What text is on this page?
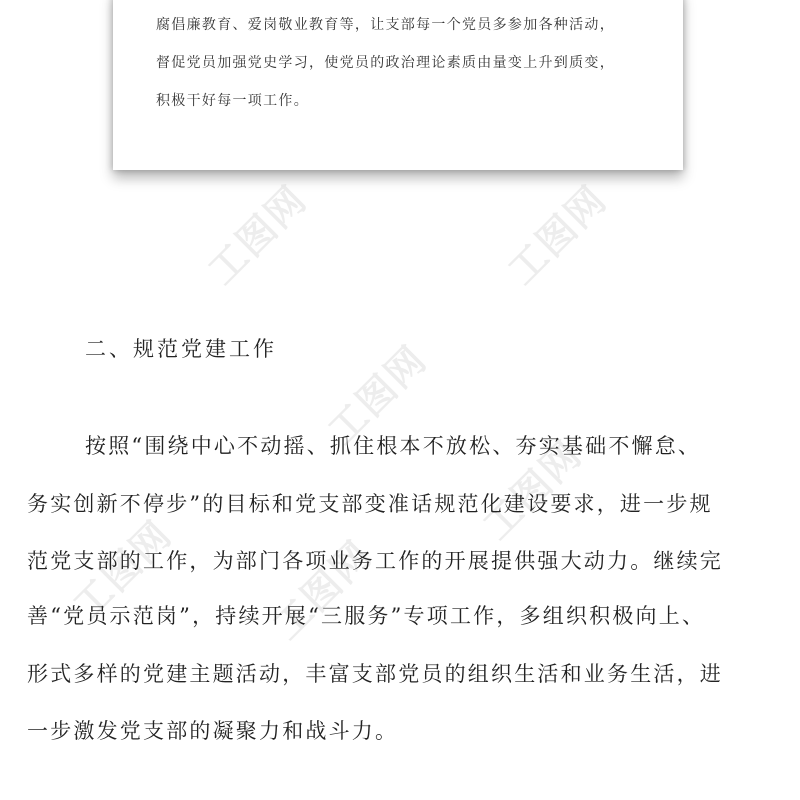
腐倡廉教育、爱岗敬业教育等，让支部每一个党员多参加各种活动，
督促党员加强党史学习，使党员的政治理论素质由量变上升到质变，
积极干好每一项工作。
工图网	工图网
工图网
工图网
工图网 工图网
二、规范党建工作
按照“围绕中心不动摇、抓住根本不放松、夯实基础不懈怠、
务实创新不停步”的目标和党支部变准话规范化建设要求，进一步规
范党支部的工作，为部门各项业务工作的开展提供强大动力。继续完
善“党员示范岗”，持续开展“三服务”专项工作，多组织积极向上、
形式多样的党建主题活动，丰富支部党员的组织生活和业务生活，进
一步激发党支部的凝聚力和战斗力。
